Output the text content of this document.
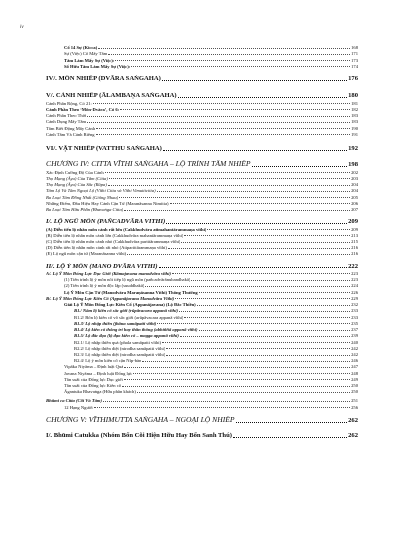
iv
Cố 14 Sự (Kicca)	168
Sự (Việc) Cố Mấy Tâm	171
Tâm Làm Mấy Sự (Việc):	173
Số Hữu Tâm Làm Mấy Sự (Việc):	174
IV/. MÔN NHIẾP (DVĀRA SAṄGAHA)	176
V/. CẢNH NHIẾP (ĀLAMBAṆA SAṄGAHA)	180
Cảnh Phần Rộng, Có 21:	181
Cảnh Phần Theo ‘Môn-Dvāra’, Có 6:	182
Cảnh Phần Theo Thời	183
Cảnh Dụng Mấy Tâm	183
Tâm Biết Động Mấy Cảnh	190
Cảnh Tâm Và Cảnh Riêng	191
VI/. VẬT NHIẾP (VATTHU SAṄGAHA)	192
CHƯƠNG IV: CITTA VĪTHI SAṄGAHA – LỘ TRÌNH TÂM NHIẾP	198
Xác Định Cường Độ Của Cảnh	202
Thọ Mạng (Āyu) Của Tâm (Citta)	203
Thọ Mạng (Āyu) Của Sắc (Rūpa)	204
Tâm Lộ Và Tâm Ngoại Lộ (Vīthi Citta và Vīthi Vimutticitta)	204
Ba Loại Tâm Đồng Nhất (Giống Nhau)	205
Những Điểm, Đầu Hiệu Hay Cảnh Cận Tử (Maranāsanna Nimitta)	206
Ba Loại Tâm Hữu Phần (Bhavaṅga Citta)	207
I/. LỘ NGŨ MÔN (PAÑCADVĀRA VĪTHI)	209
(A) Diễn tiến lộ nhãn môn cảnh rất lớn (Cakkhudvāra atimahantārammaṇa vīthi)	209
(B) Diễn tiến lộ nhãn môn cảnh lớn (Cakkhudvāra mahantārammaṇa vīthi)	213
(C) Diễn tiến lộ nhãn môn cảnh nhỏ (Cakkhudvāra parittārammaṇa vīthi)	215
(D) Diễn tiến lộ nhãn môn cảnh rất nhỏ (Atiparittārammaṇa vīthi)	216
(E) Lộ ngũ môn cận tử (Maranāsanna vīthi)	216
II/. LỘ Ý MÔN (MANO DVĀRA VĪTHI)	222
A/. Lộ Ý Môn Đổng Lực Dục Giới (Kāmajavana manodvāra vīthi)	223
(1) Tiến trình lộ ý môn nối tiếp lộ ngũ môn (pañcadvārānubandhakā)	223
(2) Tiến trình lộ ý môn độc lập (suuddhakā)	224
Lộ Ý Môn Cận Tử (Manodvāra Maraṇāsanna Vīthi) Thông Thường	226
B/. Lộ Ý Môn Đổng Lực Kiên Cố (Appanājavana Manodvāra Vīthi)	229
Giải Lộ Ý Môn Đổng Lực Kiên Cố (Appanājavana) (Lộ Đắc Thiền)	232
B1./ Năm lộ kiên cố sắc giới (rūpāvacara appanā vīthi)	233
B1.2/ Bốn lộ kiên cố vô sắc giới (arūpāvacara appanā vīthi)	233
B1.3/ Lộ nhập thiền (jhāna samāpatti vīthi)	235
B1.4/ Lộ kiên cố thông trí hay thần thông (abhiññā appanā vīthi)	237
B1.5/ Lộ đắc đạo (lộ đạo kiên cố – magga appanā vīthi)	239
B2.1/ Lộ nhập thiền quả (phala samāpatti vīthi)	240
B2.2/ Lộ nhập thiền diệt (nirodha samāpatti vīthi)	242
B2.3/ Lộ nhập thiền diệt (nirodha samāpatti vīthi)	242
B2.4/ Lộ ý môn kiên cố cận Níp-bàn	246
Vipāka Niyāma – Định luật Quả	247
Javana Niyāma – Định luật Đổng lực	248
Tần suất của Đổng lực Dục giới	249
Tần suất của Đổng lực Kiên cố	250
Āgantuka Bhavaṅga (Hữu phần khách)	250
Bhūmi ca Citta (Cõi Và Tâm)	251
12 Hạng Người	256
CHƯƠNG V: VĪTHIMUTTA SAṄGAHA – NGOẠI LỘ NHIẾP	262
I/. Bhūmi Catukka (Nhóm Bốn Cõi Hiện Hữu Hay Bốn Sanh Thú)	262
